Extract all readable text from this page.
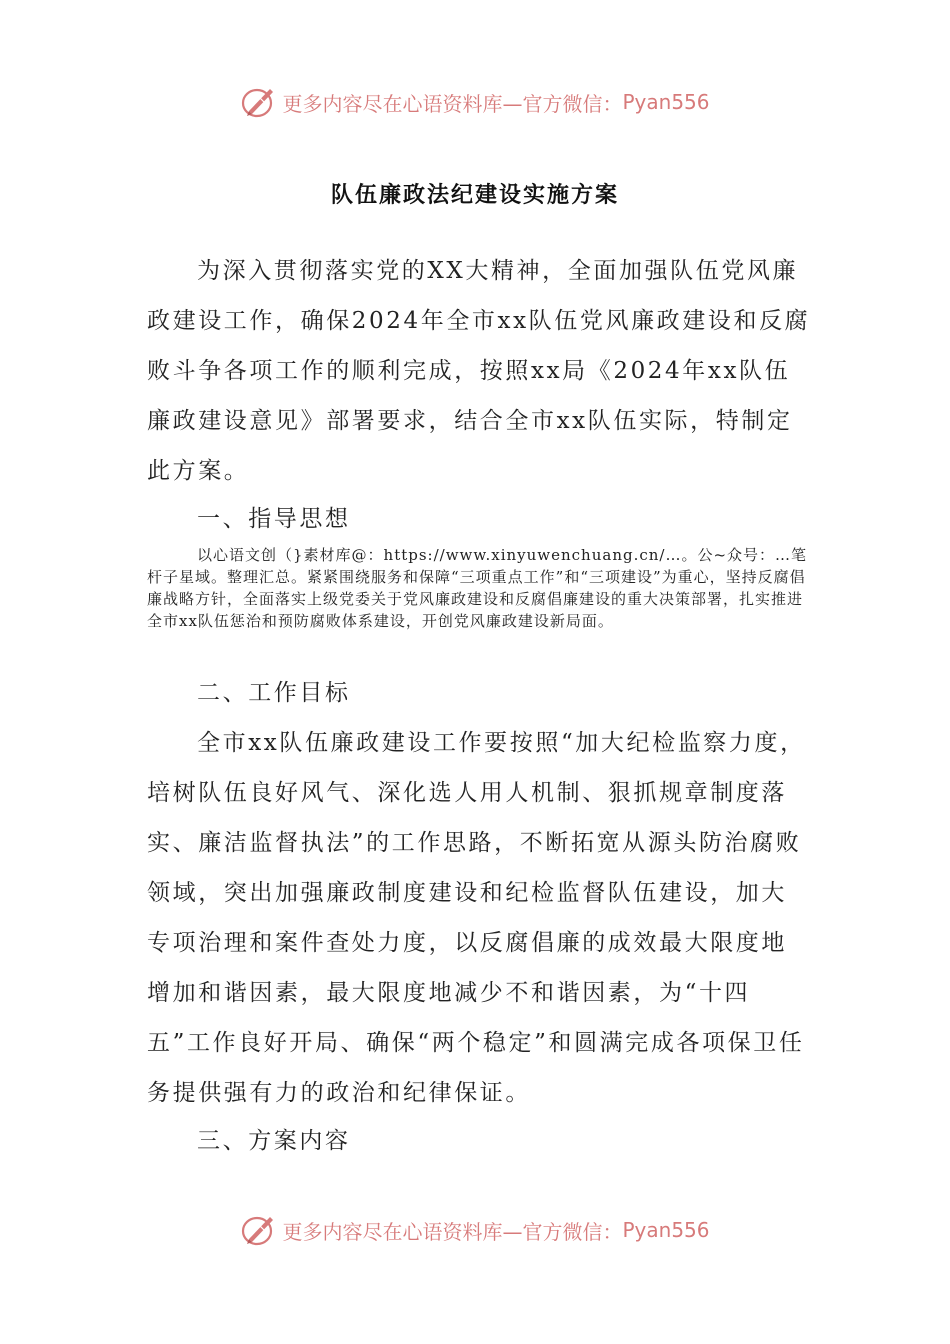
更多内容尽在心语资料库—官方微信： Pyan556
队伍廉政法纪建设实施方案

为深入贯彻落实党的XX大精神，全面加强队伍党风廉政建设工作，确保2024年全市xx队伍党风廉政建设和反腐败斗争各项工作的顺利完成，按照xx局《2024年xx队伍廉政建设意见》部署要求，结合全市xx队伍实际，特制定此方案。

一、指导思想

以心语文创（}素材库@：https://www.xinyuwenchuang.cn/…。公~众号：…笔杆子星域。整理汇总。紧紧围绕服务和保障“三项重点工作”和“三项建设”为重心，坚持反腐倡廉战略方针，全面落实上级党委关于党风廉政建设和反腐倡廉建设的重大决策部署，扎实推进全市xx队伍惩治和预防腐败体系建设，开创党风廉政建设新局面。

二、工作目标

全市xx队伍廉政建设工作要按照“加大纪检监察力度，培树队伍良好风气、深化选人用人机制、狠抓规章制度落实、廉洁监督执法”的工作思路，不断拓宽从源头防治腐败领域，突出加强廉政制度建设和纪检监督队伍建设，加大专项治理和案件查处力度，以反腐倡廉的成效最大限度地增加和谐因素，最大限度地减少不和谐因素，为“十四五”工作良好开局、确保“两个稳定”和圆满完成各项保卫任务提供强有力的政治和纪律保证。

三、方案内容

更多内容尽在心语资料库—官方微信： Pyan556
